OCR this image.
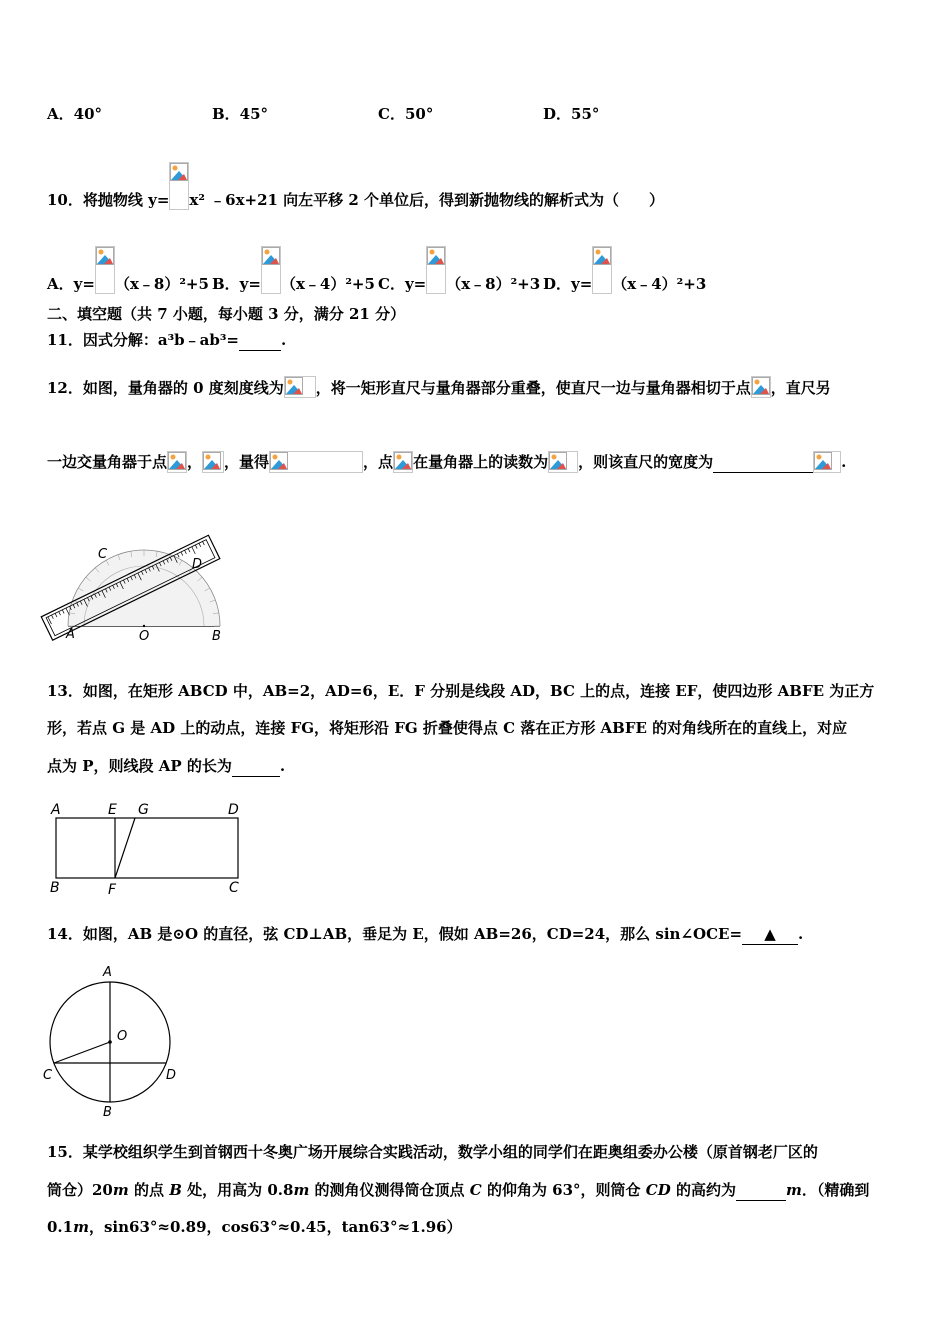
A．40°	B．45°	C．50°	D．55°
10．将抛物线 y= x² ﹣6x+21 向左平移 2 个单位后，得到新抛物线的解析式为（　　）
A．y= （x﹣8）²+5 B．y= （x﹣4）²+5 C．y= （x﹣8）²+3 D．y= （x﹣4）²+3
二、填空题（共 7 小题，每小题 3 分，满分 21 分）
11．因式分解：a³b﹣ab³=	.
12．如图，量角器的 0 度刻度线为 ，将一矩形直尺与量角器部分重叠，使直尺一边与量角器相切于点 ，直尺另
一边交量角器于点 ， ，量得	，点 在量角器上的读数为 ，则该直尺的宽度为	.
C
D
A	O	B
13．如图，在矩形 ABCD 中，AB=2，AD=6，E．F 分别是线段 AD，BC 上的点，连接 EF，使四边形 ABFE 为正方
形，若点 G 是 AD 上的动点，连接 FG，将矩形沿 FG 折叠使得点 C 落在正方形 ABFE 的对角线所在的直线上，对应
点为 P，则线段 AP 的长为	.
A	E G	D
B	F	C
14．如图，AB 是⊙O 的直径，弦 CD⊥AB，垂足为 E，假如 AB=26，CD=24，那么 sin∠OCE= ▲ .
A
O
C	D
B
15．某学校组织学生到首钢西十冬奥广场开展综合实践活动，数学小组的同学们在距奥组委办公楼（原首钢老厂区的
筒仓）20m 的点 B 处，用高为 0.8m 的测角仪测得筒仓顶点 C 的仰角为 63°，则筒仓 CD 的高约为	m．（精确到
0.1m，sin63°≈0.89，cos63°≈0.45，tan63°≈1.96）
